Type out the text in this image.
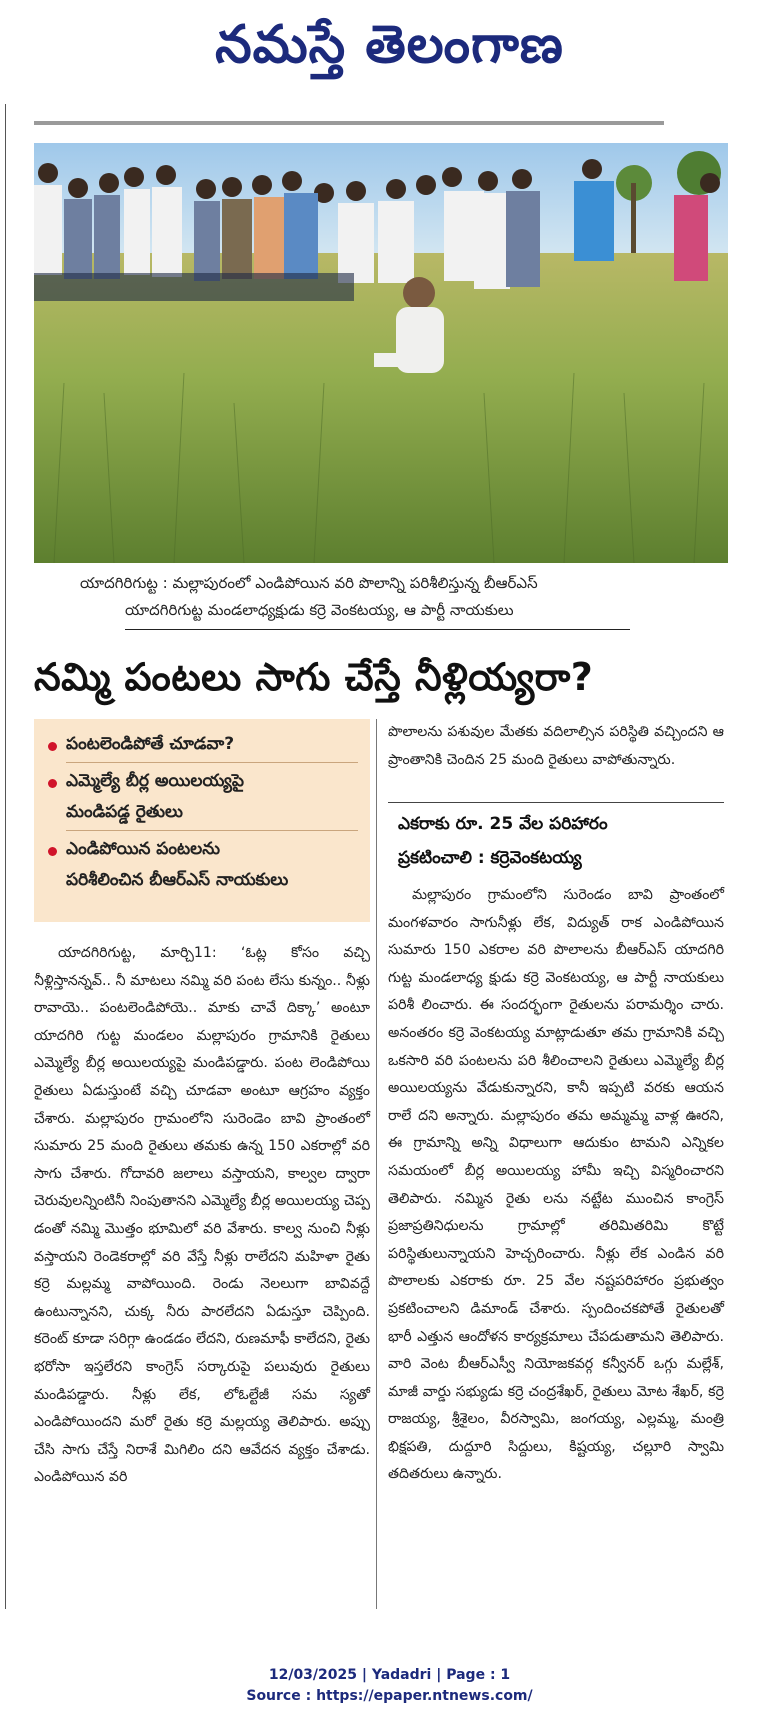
నమస్తే తెలంగాణ
యాదగిరిగుట్ట : మల్లాపురంలో ఎండిపోయిన వరి పొలాన్ని పరిశీలిస్తున్న బీఆర్ఎస్
యాదగిరిగుట్ట మండలాధ్యక్షుడు కర్రె వెంకటయ్య, ఆ పార్టీ నాయకులు
నమ్మి పంటలు సాగు చేస్తే నీళ్లియ్యరా?
పంటలెండిపోతే చూడవా?
ఎమ్మెల్యే బీర్ల అయిలయ్యపై
మండిపడ్డ రైతులు
ఎండిపోయిన పంటలను
పరిశీలించిన బీఆర్ఎస్ నాయకులు

యాదగిరిగుట్ట, మార్చి11: ‘ఓట్ల కోసం వచ్చి నీళ్లిస్తానన్నవ్.. నీ మాటలు నమ్మి వరి పంట లేసు కున్నం.. నీళ్లు రావాయె.. పంటలెండిపోయె.. మాకు చావే దిక్కా’ అంటూ యాదగిరి గుట్ట మండలం మల్లాపురం గ్రామానికి రైతులు ఎమ్మెల్యే బీర్ల అయిలయ్యపై మండిపడ్డారు. పంట లెండిపోయి రైతులు ఏడుస్తుంటే వచ్చి చూడవా అంటూ ఆగ్రహం వ్యక్తం చేశారు. మల్లాపురం గ్రామంలోని సురెండెం బావి ప్రాంతంలో సుమారు 25 మంది రైతులు తమకు ఉన్న 150 ఎకరాల్లో వరి సాగు చేశారు. గోదావరి జలాలు వస్తాయని, కాల్వల ద్వారా చెరువులన్నింటినీ నింపుతానని ఎమ్మెల్యే బీర్ల అయిలయ్య చెప్ప డంతో నమ్మి మొత్తం భూమిలో వరి వేశారు. కాల్వ నుంచి నీళ్లు వస్తాయని రెండెకరాల్లో వరి వేస్తే నీళ్లు రాలేదని మహిళా రైతు కర్రె మల్లమ్మ వాపోయింది. రెండు నెలలుగా బావివద్దే ఉంటున్నానని, చుక్క నీరు పారలేదని ఏడుస్తూ చెప్పింది. కరెంట్ కూడా సరిగ్గా ఉండడం లేదని, రుణమాఫీ కాలేదని, రైతు భరోసా ఇస్తలేరని కాంగ్రెస్ సర్కారుపై పలువురు రైతులు మండిపడ్డారు. నీళ్లు లేక, లోఓల్టేజీ సమ స్యతో ఎండిపోయిందని మరో రైతు కర్రె మల్లయ్య తెలిపారు. అప్పు చేసి సాగు చేస్తే నిరాశే మిగిలిం దని ఆవేదన వ్యక్తం చేశాడు. ఎండిపోయిన వరి

పొలాలను పశువుల మేతకు వదిలాల్సిన పరిస్థితి వచ్చిందని ఆ ప్రాంతానికి చెందిన 25 మంది రైతులు వాపోతున్నారు.

ఎకరాకు రూ. 25 వేల పరిహారం
ప్రకటించాలి : కర్రెవెంకటయ్య

మల్లాపురం గ్రామంలోని సురెండం బావి ప్రాంతంలో మంగళవారం సాగునీళ్లు లేక, విద్యుత్ రాక ఎండిపోయిన సుమారు 150 ఎకరాల వరి పొలాలను బీఆర్ఎస్ యాదగిరి గుట్ట మండలాధ్య క్షుడు కర్రె వెంకటయ్య, ఆ పార్టీ నాయకులు పరిశీ లించారు. ఈ సందర్భంగా రైతులను పరామర్శిం చారు. అనంతరం కర్రె వెంకటయ్య మాట్లాడుతూ తమ గ్రామానికి వచ్చి ఒకసారి వరి పంటలను పరి శీలించాలని రైతులు ఎమ్మెల్యే బీర్ల అయిలయ్యను వేడుకున్నారని, కానీ ఇప్పటి వరకు ఆయన రాలే దని అన్నారు. మల్లాపురం తమ అమ్మమ్మ వాళ్ల ఊరని, ఈ గ్రామాన్ని అన్ని విధాలుగా ఆదుకుం టామని ఎన్నికల సమయంలో బీర్ల అయిలయ్య హామీ ఇచ్చి విస్మరించారని తెలిపారు. నమ్మిన రైతు లను నట్టేట ముంచిన కాంగ్రెస్ ప్రజాప్రతినిధులను గ్రామాల్లో తరిమితరిమి కొట్టే పరిస్థితులున్నాయని హెచ్చరించారు. నీళ్లు లేక ఎండిన వరి పొలాలకు ఎకరాకు రూ. 25 వేల నష్టపరిహారం ప్రభుత్వం ప్రకటించాలని డిమాండ్ చేశారు. స్పందించకపోతే రైతులతో భారీ ఎత్తున ఆందోళన కార్యక్రమాలు చేపడుతామని తెలిపారు. వారి వెంట బీఆర్ఎస్వీ నియోజకవర్గ కన్వీనర్ ఒగ్గు మల్లేశ్, మాజీ వార్డు సభ్యుడు కర్రె చంద్రశేఖర్, రైతులు మోట శేఖర్, కర్రె రాజయ్య, శ్రీశైలం, వీరస్వామి, జంగయ్య, ఎల్లమ్మ, మంత్రి భిక్షపతి, దుద్దూరి సిద్దులు, కిష్టయ్య, చల్లూరి స్వామి తదితరులు ఉన్నారు.

12/03/2025 | Yadadri | Page : 1
Source : https://epaper.ntnews.com/
